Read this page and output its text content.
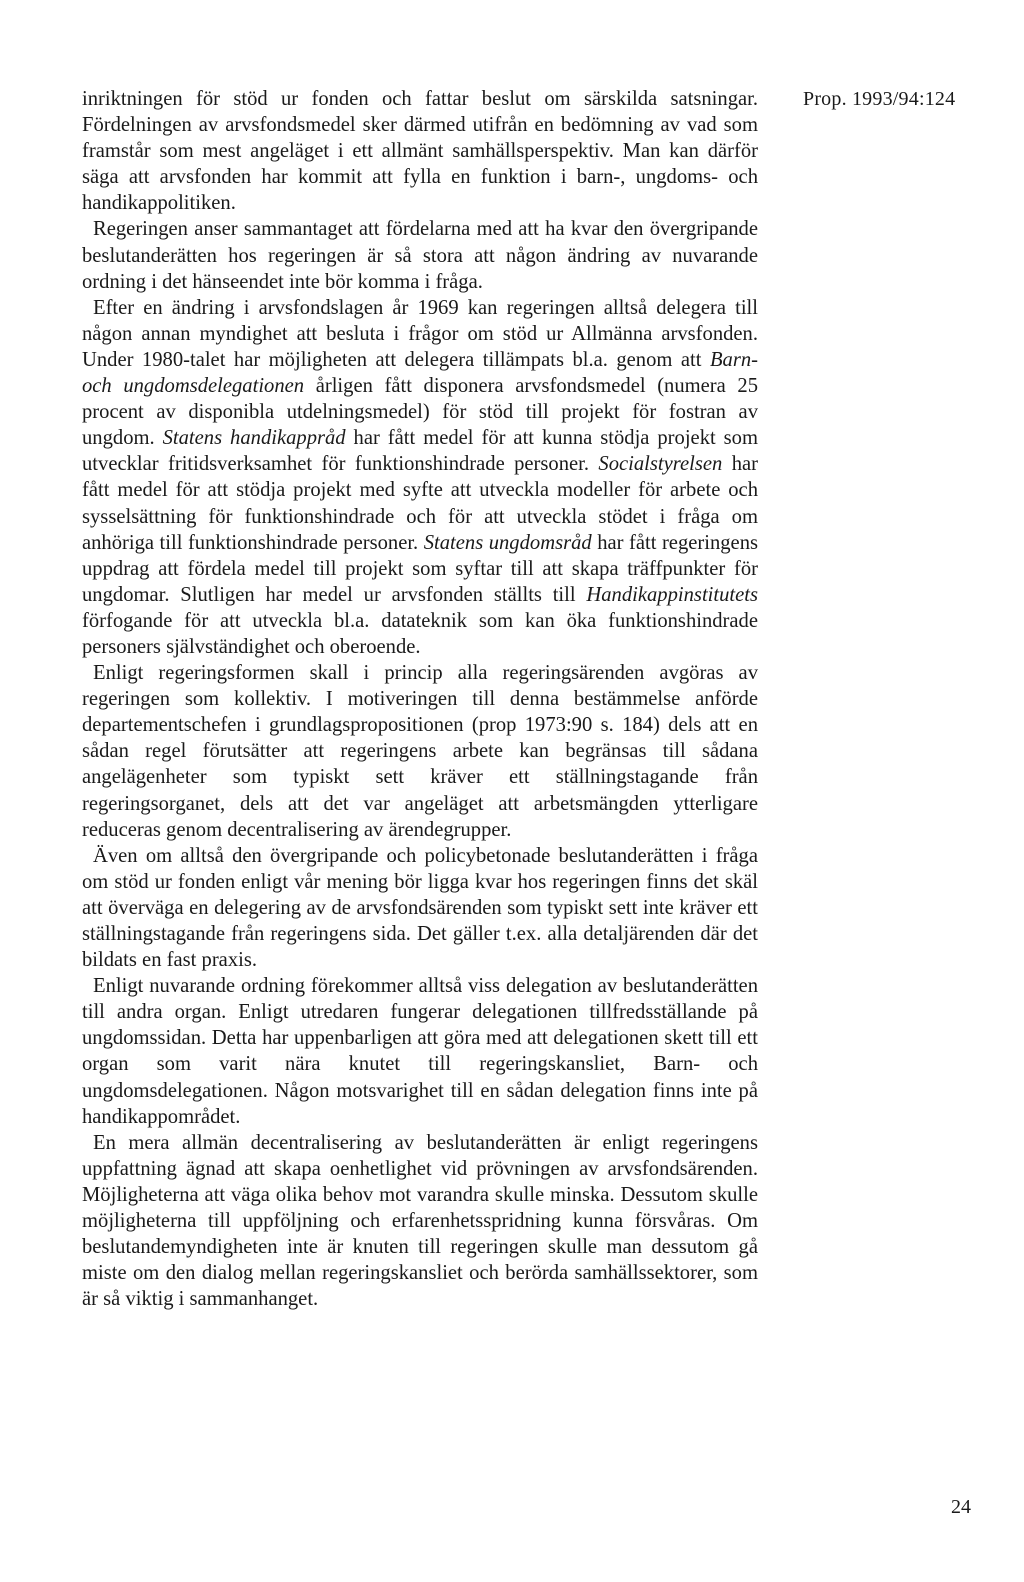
Prop. 1993/94:124

inriktningen för stöd ur fonden och fattar beslut om särskilda satsningar. Fördelningen av arvsfondsmedel sker därmed utifrån en bedömning av vad som framstår som mest angeläget i ett allmänt samhällsperspektiv. Man kan därför säga att arvsfonden har kommit att fylla en funktion i barn-, ungdoms- och handikappolitiken.

Regeringen anser sammantaget att fördelarna med att ha kvar den övergripande beslutanderätten hos regeringen är så stora att någon ändring av nuvarande ordning i det hänseendet inte bör komma i fråga.

Efter en ändring i arvsfondslagen år 1969 kan regeringen alltså delegera till någon annan myndighet att besluta i frågor om stöd ur Allmänna arvsfonden. Under 1980-talet har möjligheten att delegera tillämpats bl.a. genom att Barn- och ungdomsdelegationen årligen fått disponera arvsfondsmedel (numera 25 procent av disponibla utdelningsmedel) för stöd till projekt för fostran av ungdom. Statens handikappråd har fått medel för att kunna stödja projekt som utvecklar fritidsverksamhet för funktionshindrade personer. Socialstyrelsen har fått medel för att stödja projekt med syfte att utveckla modeller för arbete och sysselsättning för funktionshindrade och för att utveckla stödet i fråga om anhöriga till funktionshindrade personer. Statens ungdomsråd har fått regeringens uppdrag att fördela medel till projekt som syftar till att skapa träffpunkter för ungdomar. Slutligen har medel ur arvsfonden ställts till Handikappinstitutets förfogande för att utveckla bl.a. datateknik som kan öka funktionshindrade personers självständighet och oberoende.

Enligt regeringsformen skall i princip alla regeringsärenden avgöras av regeringen som kollektiv. I motiveringen till denna bestämmelse anförde departementschefen i grundlagspropositionen (prop 1973:90 s. 184) dels att en sådan regel förutsätter att regeringens arbete kan begränsas till sådana angelägenheter som typiskt sett kräver ett ställningstagande från regeringsorganet, dels att det var angeläget att arbetsmängden ytterligare reduceras genom decentralisering av ärendegrupper.

Även om alltså den övergripande och policybetonade beslutanderätten i fråga om stöd ur fonden enligt vår mening bör ligga kvar hos regeringen finns det skäl att överväga en delegering av de arvsfondsärenden som typiskt sett inte kräver ett ställningstagande från regeringens sida. Det gäller t.ex. alla detaljärenden där det bildats en fast praxis.

Enligt nuvarande ordning förekommer alltså viss delegation av beslutanderätten till andra organ. Enligt utredaren fungerar delegationen tillfredsställande på ungdomssidan. Detta har uppenbarligen att göra med att delegationen skett till ett organ som varit nära knutet till regeringskansliet, Barn- och ungdomsdelegationen. Någon motsvarighet till en sådan delegation finns inte på handikappområdet.

En mera allmän decentralisering av beslutanderätten är enligt regeringens uppfattning ägnad att skapa oenhetlighet vid prövningen av arvsfondsärenden. Möjligheterna att väga olika behov mot varandra skulle minska. Dessutom skulle möjligheterna till uppföljning och erfarenhetsspridning kunna försvåras. Om beslutandemyndigheten inte är knuten till regeringen skulle man dessutom gå miste om den dialog mellan regeringskansliet och berörda samhällssektorer, som är så viktig i sammanhanget.

24
